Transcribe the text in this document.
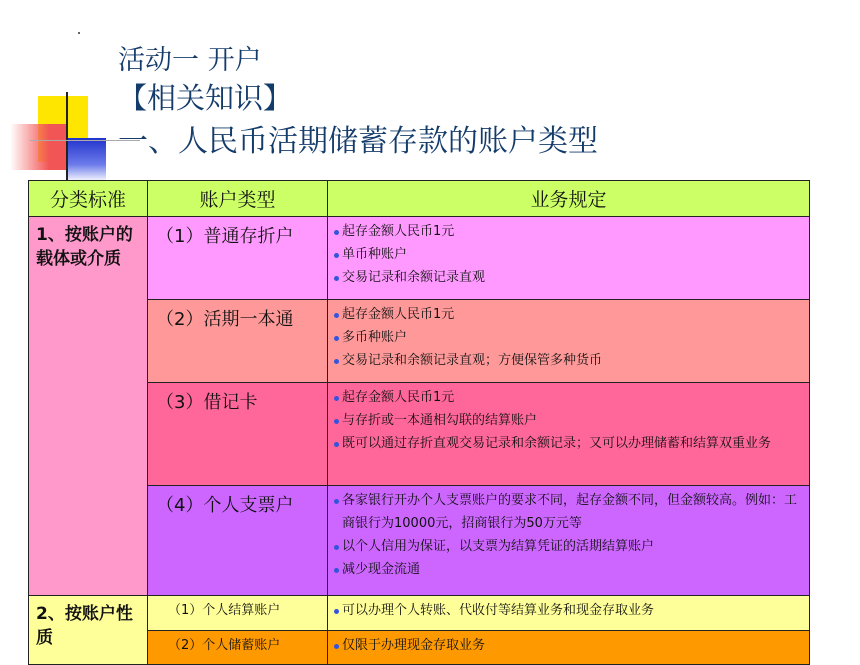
活动一 开户
【相关知识】
一、人民币活期储蓄存款的账户类型
分类标准	账户类型	业务规定
1、按账户的载体或介质	（1）普通存折户	起存金额人民币1元
单币种账户
交易记录和余额记录直观

	（2）活期一本通	起存金额人民币1元
多币种账户
交易记录和余额记录直观；方便保管多种货币

	（3）借记卡	起存金额人民币1元
与存折或一本通相勾联的结算账户
既可以通过存折直观交易记录和余额记录；又可以办理储蓄和结算双重业务

	（4）个人支票户	各家银行开办个人支票账户的要求不同，起存金额不同，但金额较高。例如：工商银行为10000元，招商银行为50万元等
以个人信用为保证，以支票为结算凭证的活期结算账户
减少现金流通

2、按账户性质	（1）个人结算账户	可以办理个人转账、代收付等结算业务和现金存取业务

	（2）个人储蓄账户	仅限于办理现金存取业务
